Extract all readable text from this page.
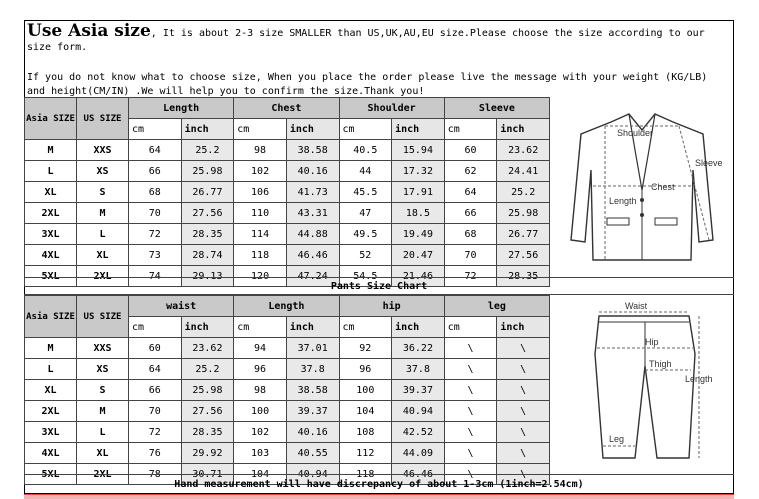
Use Asia size, It is about 2-3 size SMALLER than US,UK,AU,EU size.Please choose the size according to our size form.
If you do not know what to choose size, When you place the order please live the message with your weight (KG/LB) and height(CM/IN) .We will help you to confirm the size.Thank you!
Asia SIZE	US SIZE	Length		Chest		Shoulder		Sleeve	
		cm	inch	cm	inch	cm	inch	cm	inch
M	XXS	64	25.2	98	38.58	40.5	15.94	60	23.62
L	XS	66	25.98	102	40.16	44	17.32	62	24.41
XL	S	68	26.77	106	41.73	45.5	17.91	64	25.2
2XL	M	70	27.56	110	43.31	47	18.5	66	25.98
3XL	L	72	28.35	114	44.88	49.5	19.49	68	26.77
4XL	XL	73	28.74	118	46.46	52	20.47	70	27.56
5XL	2XL	74	29.13	120	47.24	54.5	21.46	72	28.35
Pants Size Chart
Asia SIZE	US SIZE	waist		Length		hip		leg	
		cm	inch	cm	inch	cm	inch	cm	inch
M	XXS	60	23.62	94	37.01	92	36.22	\	\
L	XS	64	25.2	96	37.8	96	37.8	\	\
XL	S	66	25.98	98	38.58	100	39.37	\	\
2XL	M	70	27.56	100	39.37	104	40.94	\	\
3XL	L	72	28.35	102	40.16	108	42.52	\	\
4XL	XL	76	29.92	103	40.55	112	44.09	\	\
5XL	2XL	78	30.71	104	40.94	118	46.46	\	\
Shoulder
Sleeve
Chest
Length
Waist
Hip
Thigh
Length
Leg
Hand measurement will have discrepancy of about 1-3cm (1inch=2.54cm)
